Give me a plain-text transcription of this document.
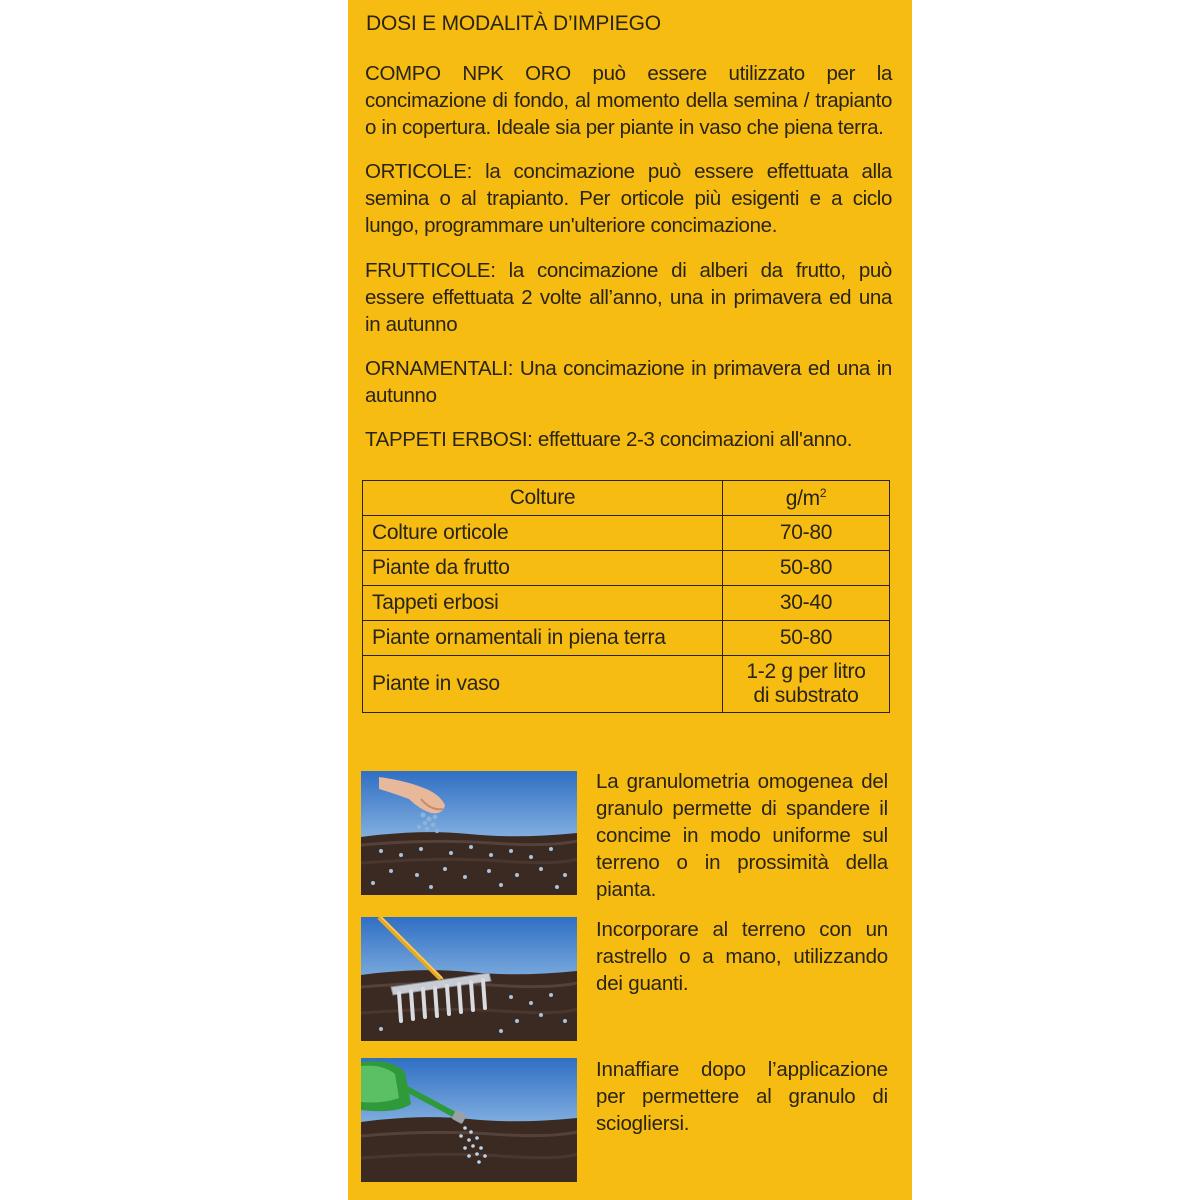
DOSI E MODALITÀ D’IMPIEGO
COMPO NPK ORO può essere utilizzato per la concimazione di fondo, al momento della semina / trapianto o in copertura. Ideale sia per piante in vaso che piena terra.
ORTICOLE: la concimazione può essere effettuata alla semina o al trapianto. Per orticole più esigenti e a ciclo lungo, programmare un'ulteriore concimazione.
FRUTTICOLE: la concimazione di alberi da frutto, può essere effettuata 2 volte all’anno, una in primavera ed una in autunno
ORNAMENTALI: Una concimazione in primavera ed una in autunno
TAPPETI ERBOSI: effettuare 2-3 concimazioni all'anno.
Colture	$g/m^2$
Colture orticole	70-80
Piante da frutto	50-80
Tappeti erbosi	30-40
Piante ornamentali in piena terra	50-80
Piante in vaso	1-2 g per litro
di substrato
La granulometria omogenea del granulo permette di spandere il concime in modo uniforme sul terreno o in prossimità della pianta.
Incorporare al terreno con un rastrello o a mano, utilizzando dei guanti.
Innaffiare dopo l’applicazione per permettere al granulo di sciogliersi.
